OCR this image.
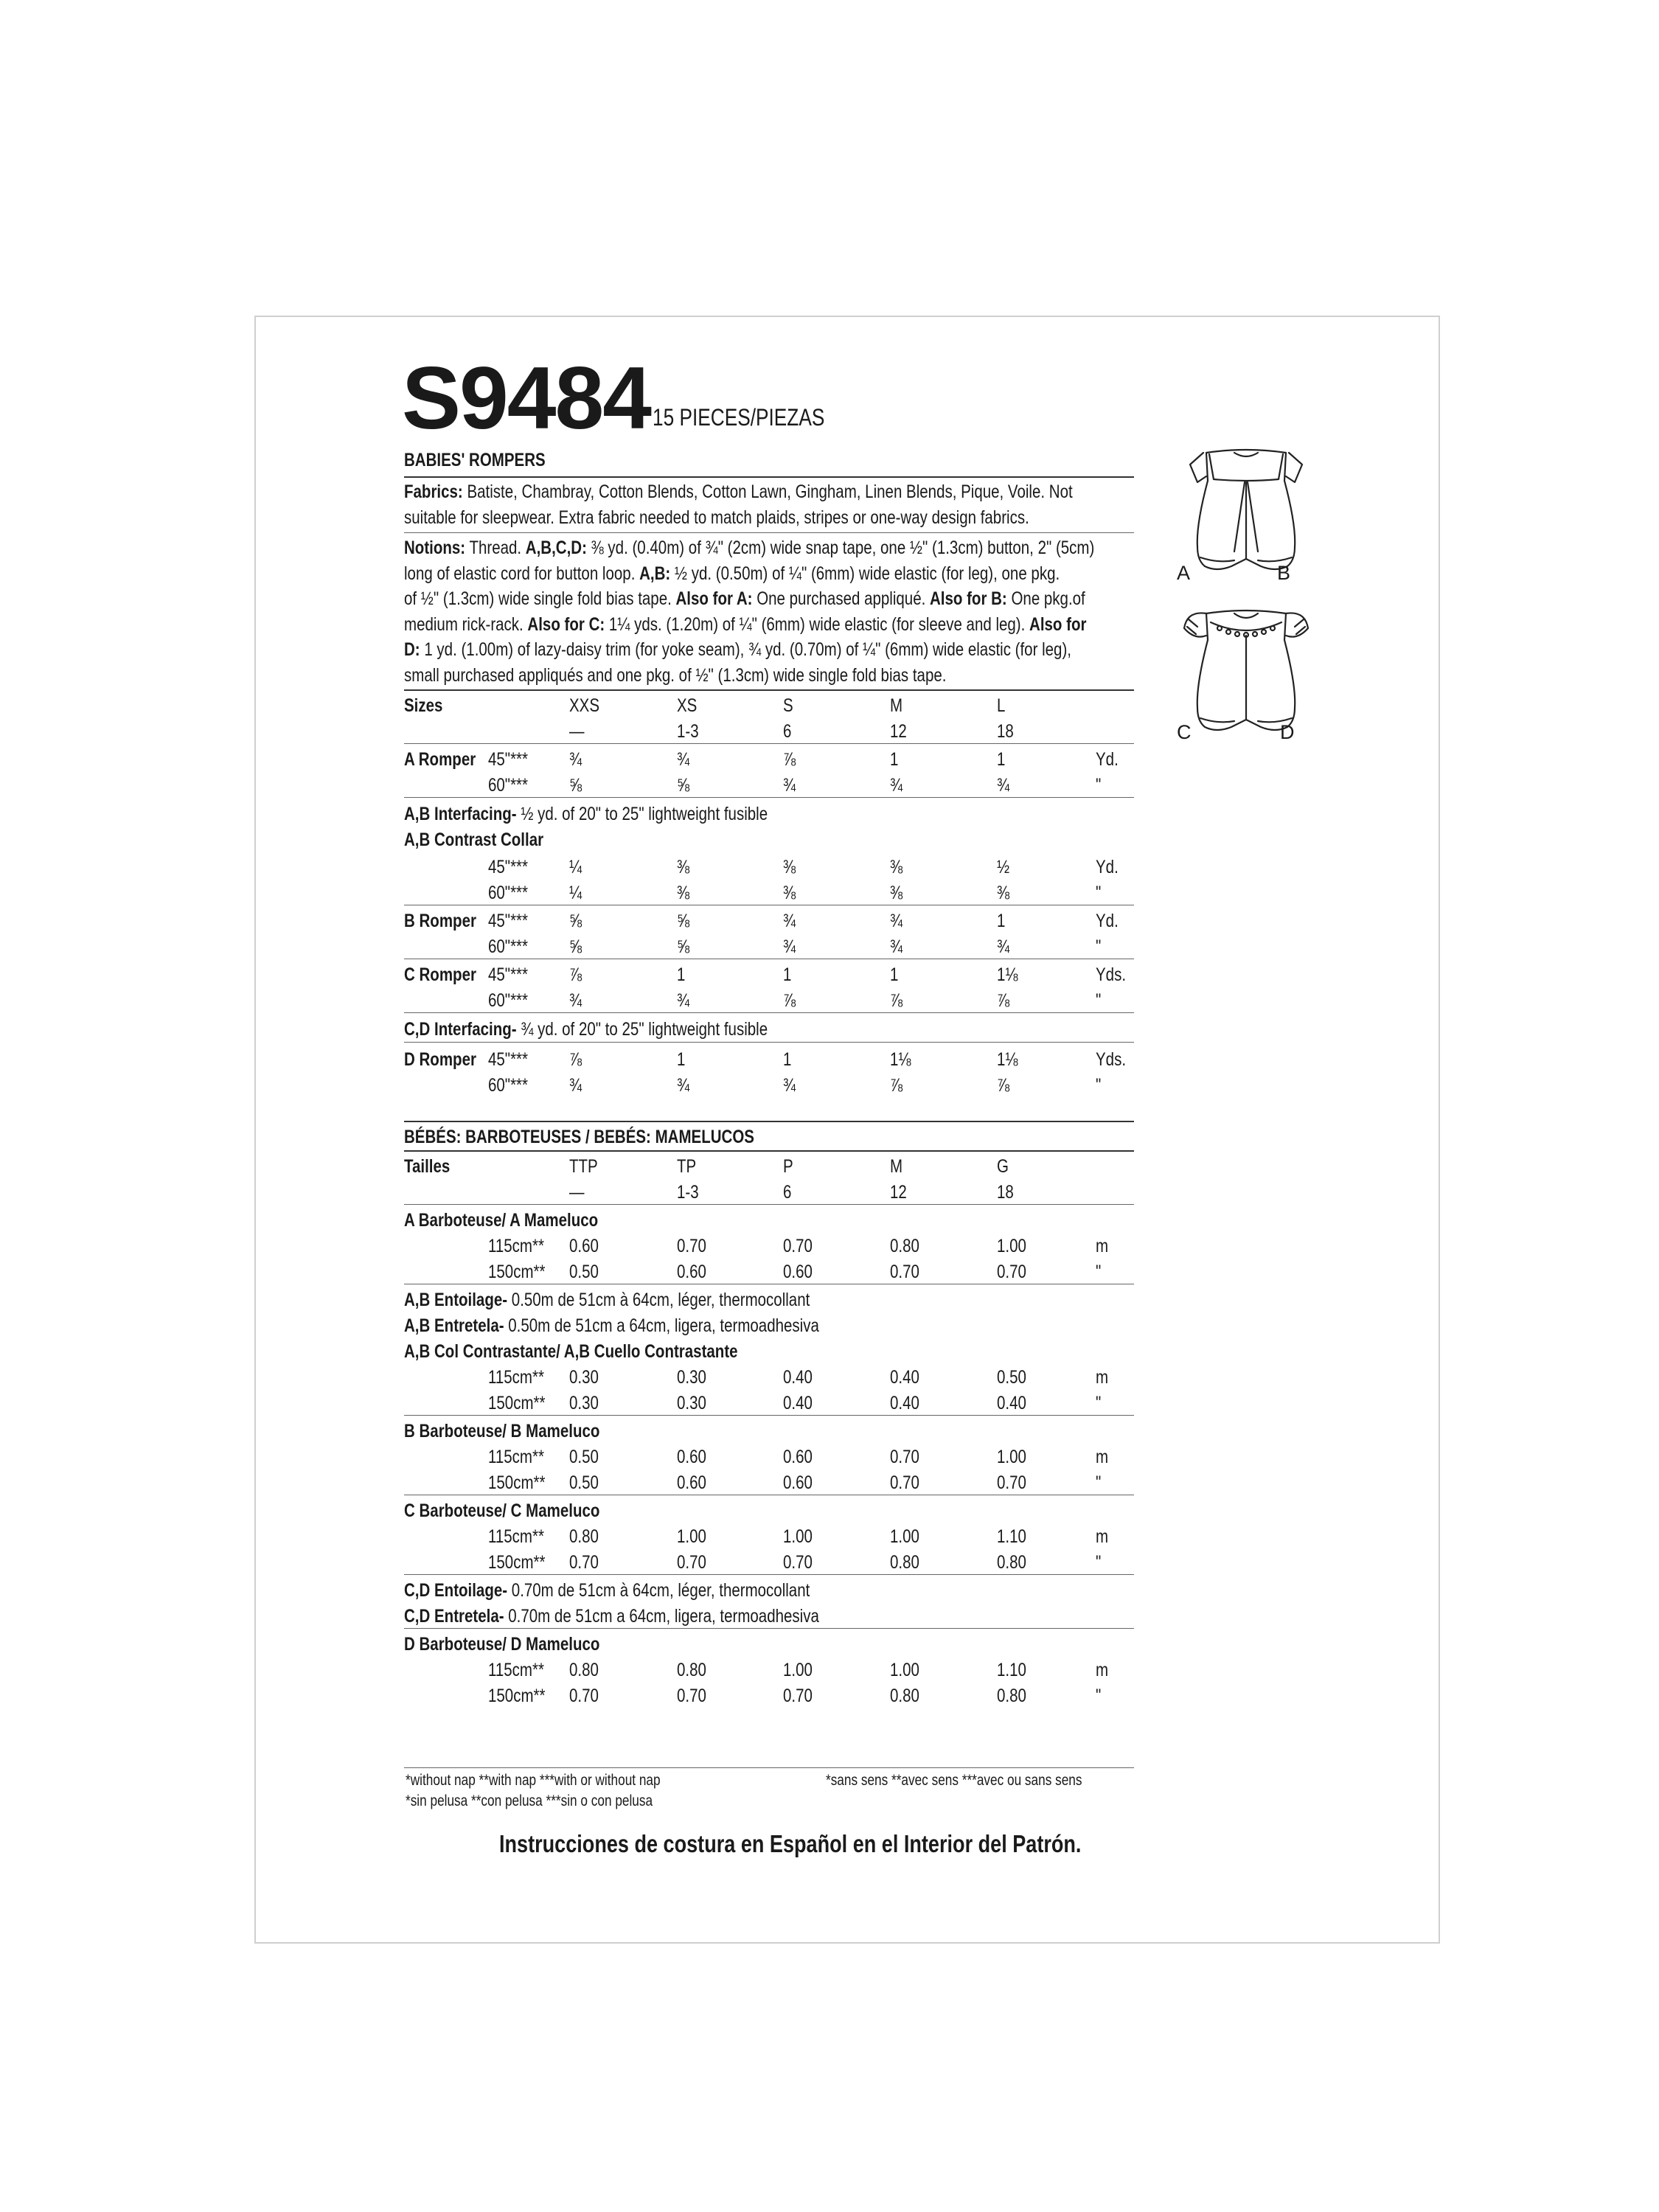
S9484 15 PIECES/PIEZAS
BABIES' ROMPERS
Fabrics: Batiste, Chambray, Cotton Blends, Cotton Lawn, Gingham, Linen Blends, Pique, Voile. Not
suitable for sleepwear. Extra fabric needed to match plaids, stripes or one-way design fabrics.
Notions: Thread. A,B,C,D: ⅜ yd. (0.40m) of ¾" (2cm) wide snap tape, one ½" (1.3cm) button, 2" (5cm)
long of elastic cord for button loop. A,B: ½ yd. (0.50m) of ¼" (6mm) wide elastic (for leg), one pkg.
of ½" (1.3cm) wide single fold bias tape. Also for A: One purchased appliqué. Also for B: One pkg.of
medium rick-rack. Also for C: 1¼ yds. (1.20m) of ¼" (6mm) wide elastic (for sleeve and leg). Also for
D: 1 yd. (1.00m) of lazy-daisy trim (for yoke seam), ¾ yd. (0.70m) of ¼" (6mm) wide elastic (for leg),
small purchased appliqués and one pkg. of ½" (1.3cm) wide single fold bias tape.
Sizes	XXS	XS	S	M	L
—	1-3	6	12	18
A Romper 45"*** ¾	¾	⅞	1	1	Yd.
60"*** ⅝	⅝	¾	¾	¾	"
A,B Interfacing- ½ yd. of 20" to 25" lightweight fusible
A,B Contrast Collar
45"*** ¼	⅜	⅜	⅜	½	Yd.
60"*** ¼	⅜	⅜	⅜	⅜	"
B Romper 45"*** ⅝	⅝	¾	¾	1	Yd.
60"*** ⅝	⅝	¾	¾	¾	"
C Romper 45"*** ⅞	1	1	1	1⅛	Yds.
60"*** ¾	¾	⅞	⅞	⅞	"
C,D Interfacing- ¾ yd. of 20" to 25" lightweight fusible
D Romper 45"*** ⅞	1	1	1⅛	1⅛	Yds.
60"*** ¾	¾	¾	⅞	⅞	"
BÉBÉS: BARBOTEUSES / BEBÉS: MAMELUCOS
Tailles	TTP	TP	P	M	G
—	1-3	6	12	18
A Barboteuse/ A Mameluco
115cm** 0.60	0.70	0.70	0.80	1.00	m
150cm** 0.50	0.60	0.60	0.70	0.70	"
A,B Entoilage- 0.50m de 51cm à 64cm, léger, thermocollant
A,B Entretela- 0.50m de 51cm a 64cm, ligera, termoadhesiva
A,B Col Contrastante/ A,B Cuello Contrastante
115cm** 0.30	0.30	0.40	0.40	0.50	m
150cm** 0.30	0.30	0.40	0.40	0.40	"
B Barboteuse/ B Mameluco
115cm** 0.50	0.60	0.60	0.70	1.00	m
150cm** 0.50	0.60	0.60	0.70	0.70	"
C Barboteuse/ C Mameluco
115cm** 0.80	1.00	1.00	1.00	1.10	m
150cm** 0.70	0.70	0.70	0.80	0.80	"
C,D Entoilage- 0.70m de 51cm à 64cm, léger, thermocollant
C,D Entretela- 0.70m de 51cm a 64cm, ligera, termoadhesiva
D Barboteuse/ D Mameluco
115cm** 0.80	0.80	1.00	1.00	1.10	m
150cm** 0.70	0.70	0.70	0.80	0.80	"
*without nap **with nap ***with or without nap
*sin pelusa **con pelusa ***sin o con pelusa
*sans sens **avec sens ***avec ou sans sens
Instrucciones de costura en Español en el Interior del Patrón.
A	B
C	D
